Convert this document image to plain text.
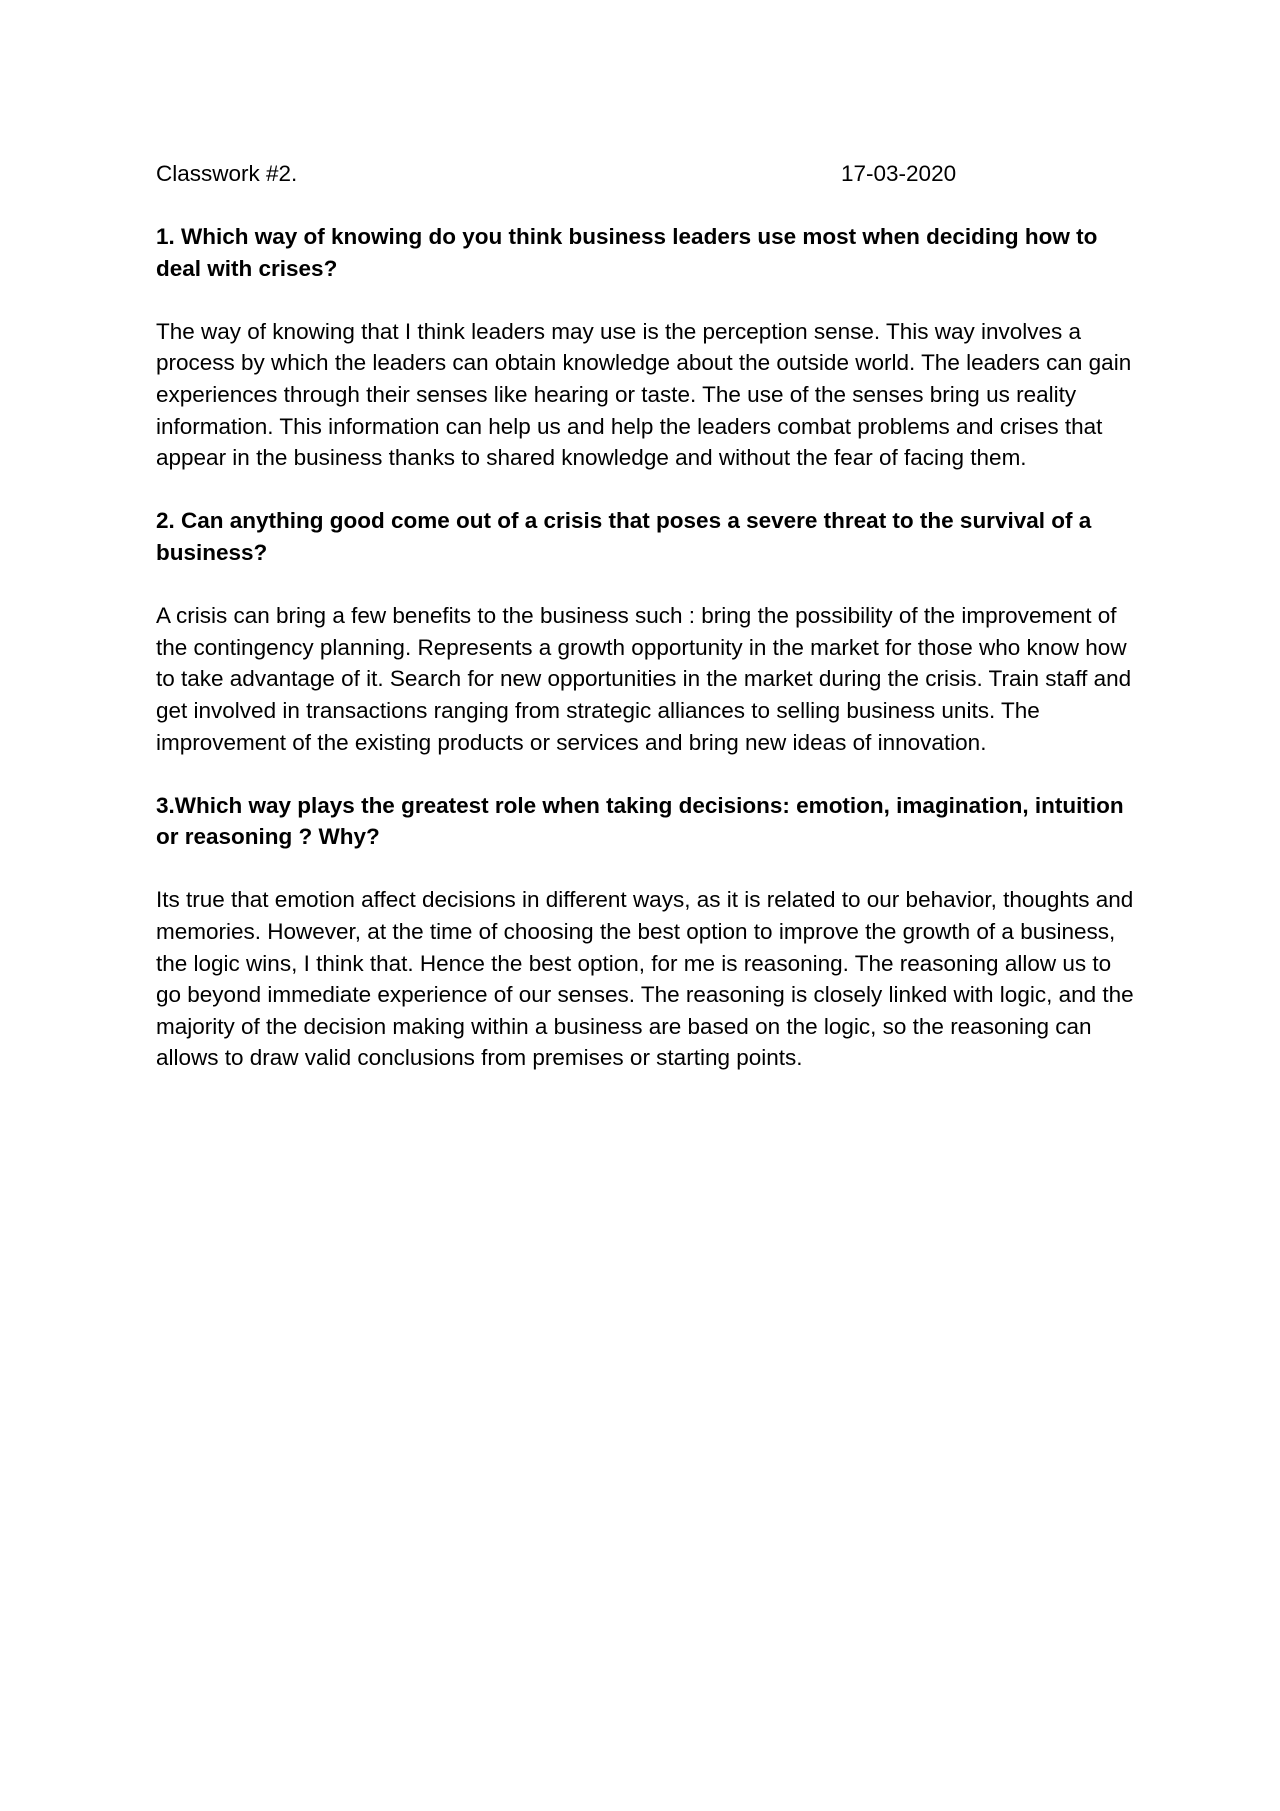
Classwork #2.	17-03-2020

1. Which way of knowing do you think business leaders use most when deciding how to deal with crises?

The way of knowing that I think leaders may use is the perception sense. This way involves a process by which the leaders can obtain knowledge about the outside world. The leaders can gain experiences through their senses like hearing or taste. The use of the senses bring us reality information. This information can help us and help the leaders combat problems and crises that appear in the business thanks to shared knowledge and without the fear of facing them.

2. Can anything good come out of a crisis that poses a severe threat to the survival of a business?

A crisis can bring a few benefits to the business such : bring the possibility of the improvement of the contingency planning. Represents a growth opportunity in the market for those who know how to take advantage of it. Search for new opportunities in the market during the crisis. Train staff and get involved in transactions ranging from strategic alliances to selling business units. The improvement of the existing products or services and bring new ideas of innovation.

3.Which way plays the greatest role when taking decisions: emotion, imagination, intuition or reasoning ? Why?

Its true that emotion affect decisions in different ways, as it is related to our behavior, thoughts and memories. However, at the time of choosing the best option to improve the growth of a business, the logic wins, I think that. Hence the best option, for me is reasoning. The reasoning allow us to go beyond immediate experience of our senses. The reasoning is closely linked with logic, and the majority of the decision making within a business are based on the logic, so the reasoning can allows to draw valid conclusions from premises or starting points.
